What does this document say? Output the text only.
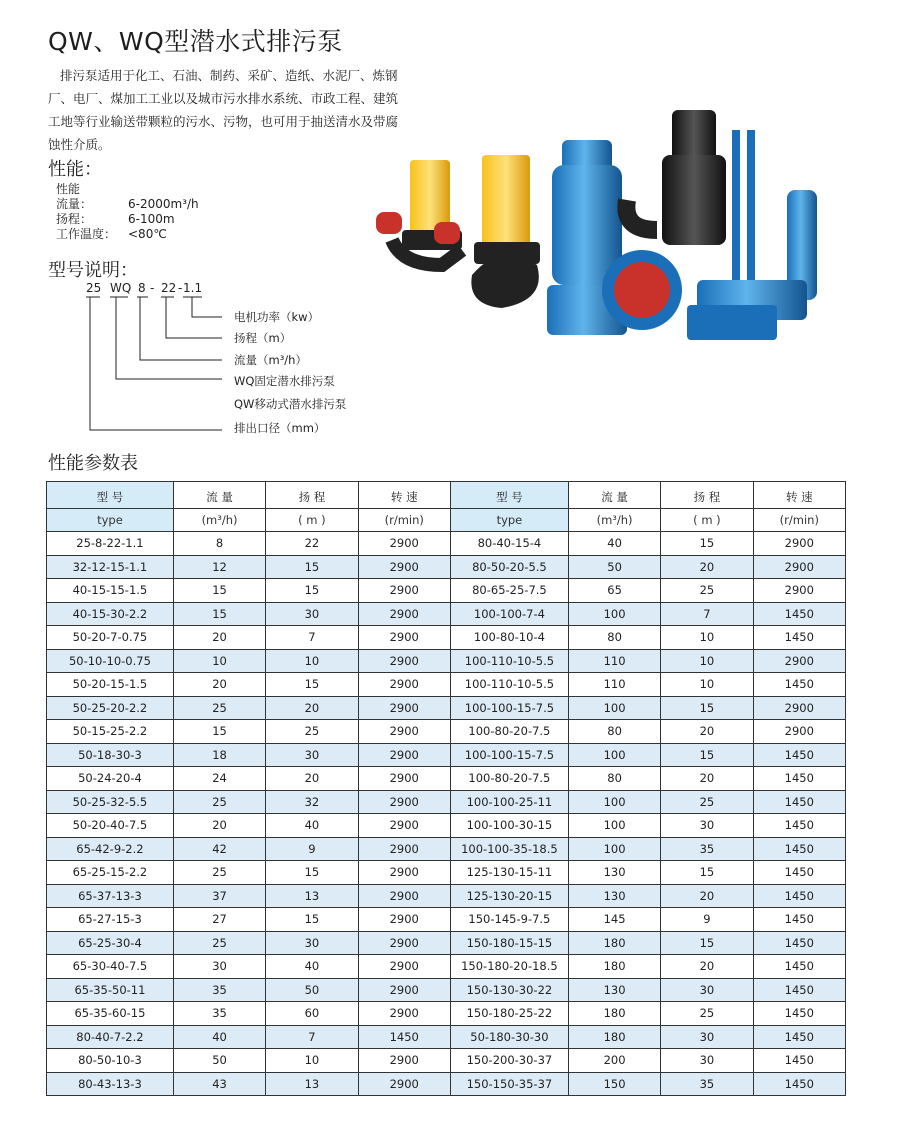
QW、WQ型潜水式排污泵
排污泵适用于化工、石油、制药、采矿、造纸、水泥厂、炼钢厂、电厂、煤加工工业以及城市污水排水系统、市政工程、建筑工地等行业输送带颗粒的污水、污物，也可用于抽送清水及带腐蚀性介质。
性能：
性能
流量：	6-2000m³/h
扬程：	6-100m
工作温度： <80℃
型号说明：
25 WQ 8 - 22 - 1.1
电机功率（kw）
扬程（m）
流量（m³/h）
WQ固定潜水排污泵
QW移动式潜水排污泵
排出口径（mm）
性能参数表
型 号	流 量	扬 程	转 速	型 号	流 量	扬 程	转 速
type	(m³/h)	( m )	(r/min)	type	(m³/h)	( m )	(r/min)
25-8-22-1.1	8	22	2900	80-40-15-4	40	15	2900
32-12-15-1.1	12	15	2900	80-50-20-5.5	50	20	2900
40-15-15-1.5	15	15	2900	80-65-25-7.5	65	25	2900
40-15-30-2.2	15	30	2900	100-100-7-4	100	7	1450
50-20-7-0.75	20	7	2900	100-80-10-4	80	10	1450
50-10-10-0.75	10	10	2900	100-110-10-5.5	110	10	2900
50-20-15-1.5	20	15	2900	100-110-10-5.5	110	10	1450
50-25-20-2.2	25	20	2900	100-100-15-7.5	100	15	2900
50-15-25-2.2	15	25	2900	100-80-20-7.5	80	20	2900
50-18-30-3	18	30	2900	100-100-15-7.5	100	15	1450
50-24-20-4	24	20	2900	100-80-20-7.5	80	20	1450
50-25-32-5.5	25	32	2900	100-100-25-11	100	25	1450
50-20-40-7.5	20	40	2900	100-100-30-15	100	30	1450
65-42-9-2.2	42	9	2900	100-100-35-18.5	100	35	1450
65-25-15-2.2	25	15	2900	125-130-15-11	130	15	1450
65-37-13-3	37	13	2900	125-130-20-15	130	20	1450
65-27-15-3	27	15	2900	150-145-9-7.5	145	9	1450
65-25-30-4	25	30	2900	150-180-15-15	180	15	1450
65-30-40-7.5	30	40	2900	150-180-20-18.5	180	20	1450
65-35-50-11	35	50	2900	150-130-30-22	130	30	1450
65-35-60-15	35	60	2900	150-180-25-22	180	25	1450
80-40-7-2.2	40	7	1450	50-180-30-30	180	30	1450
80-50-10-3	50	10	2900	150-200-30-37	200	30	1450
80-43-13-3	43	13	2900	150-150-35-37	150	35	1450
